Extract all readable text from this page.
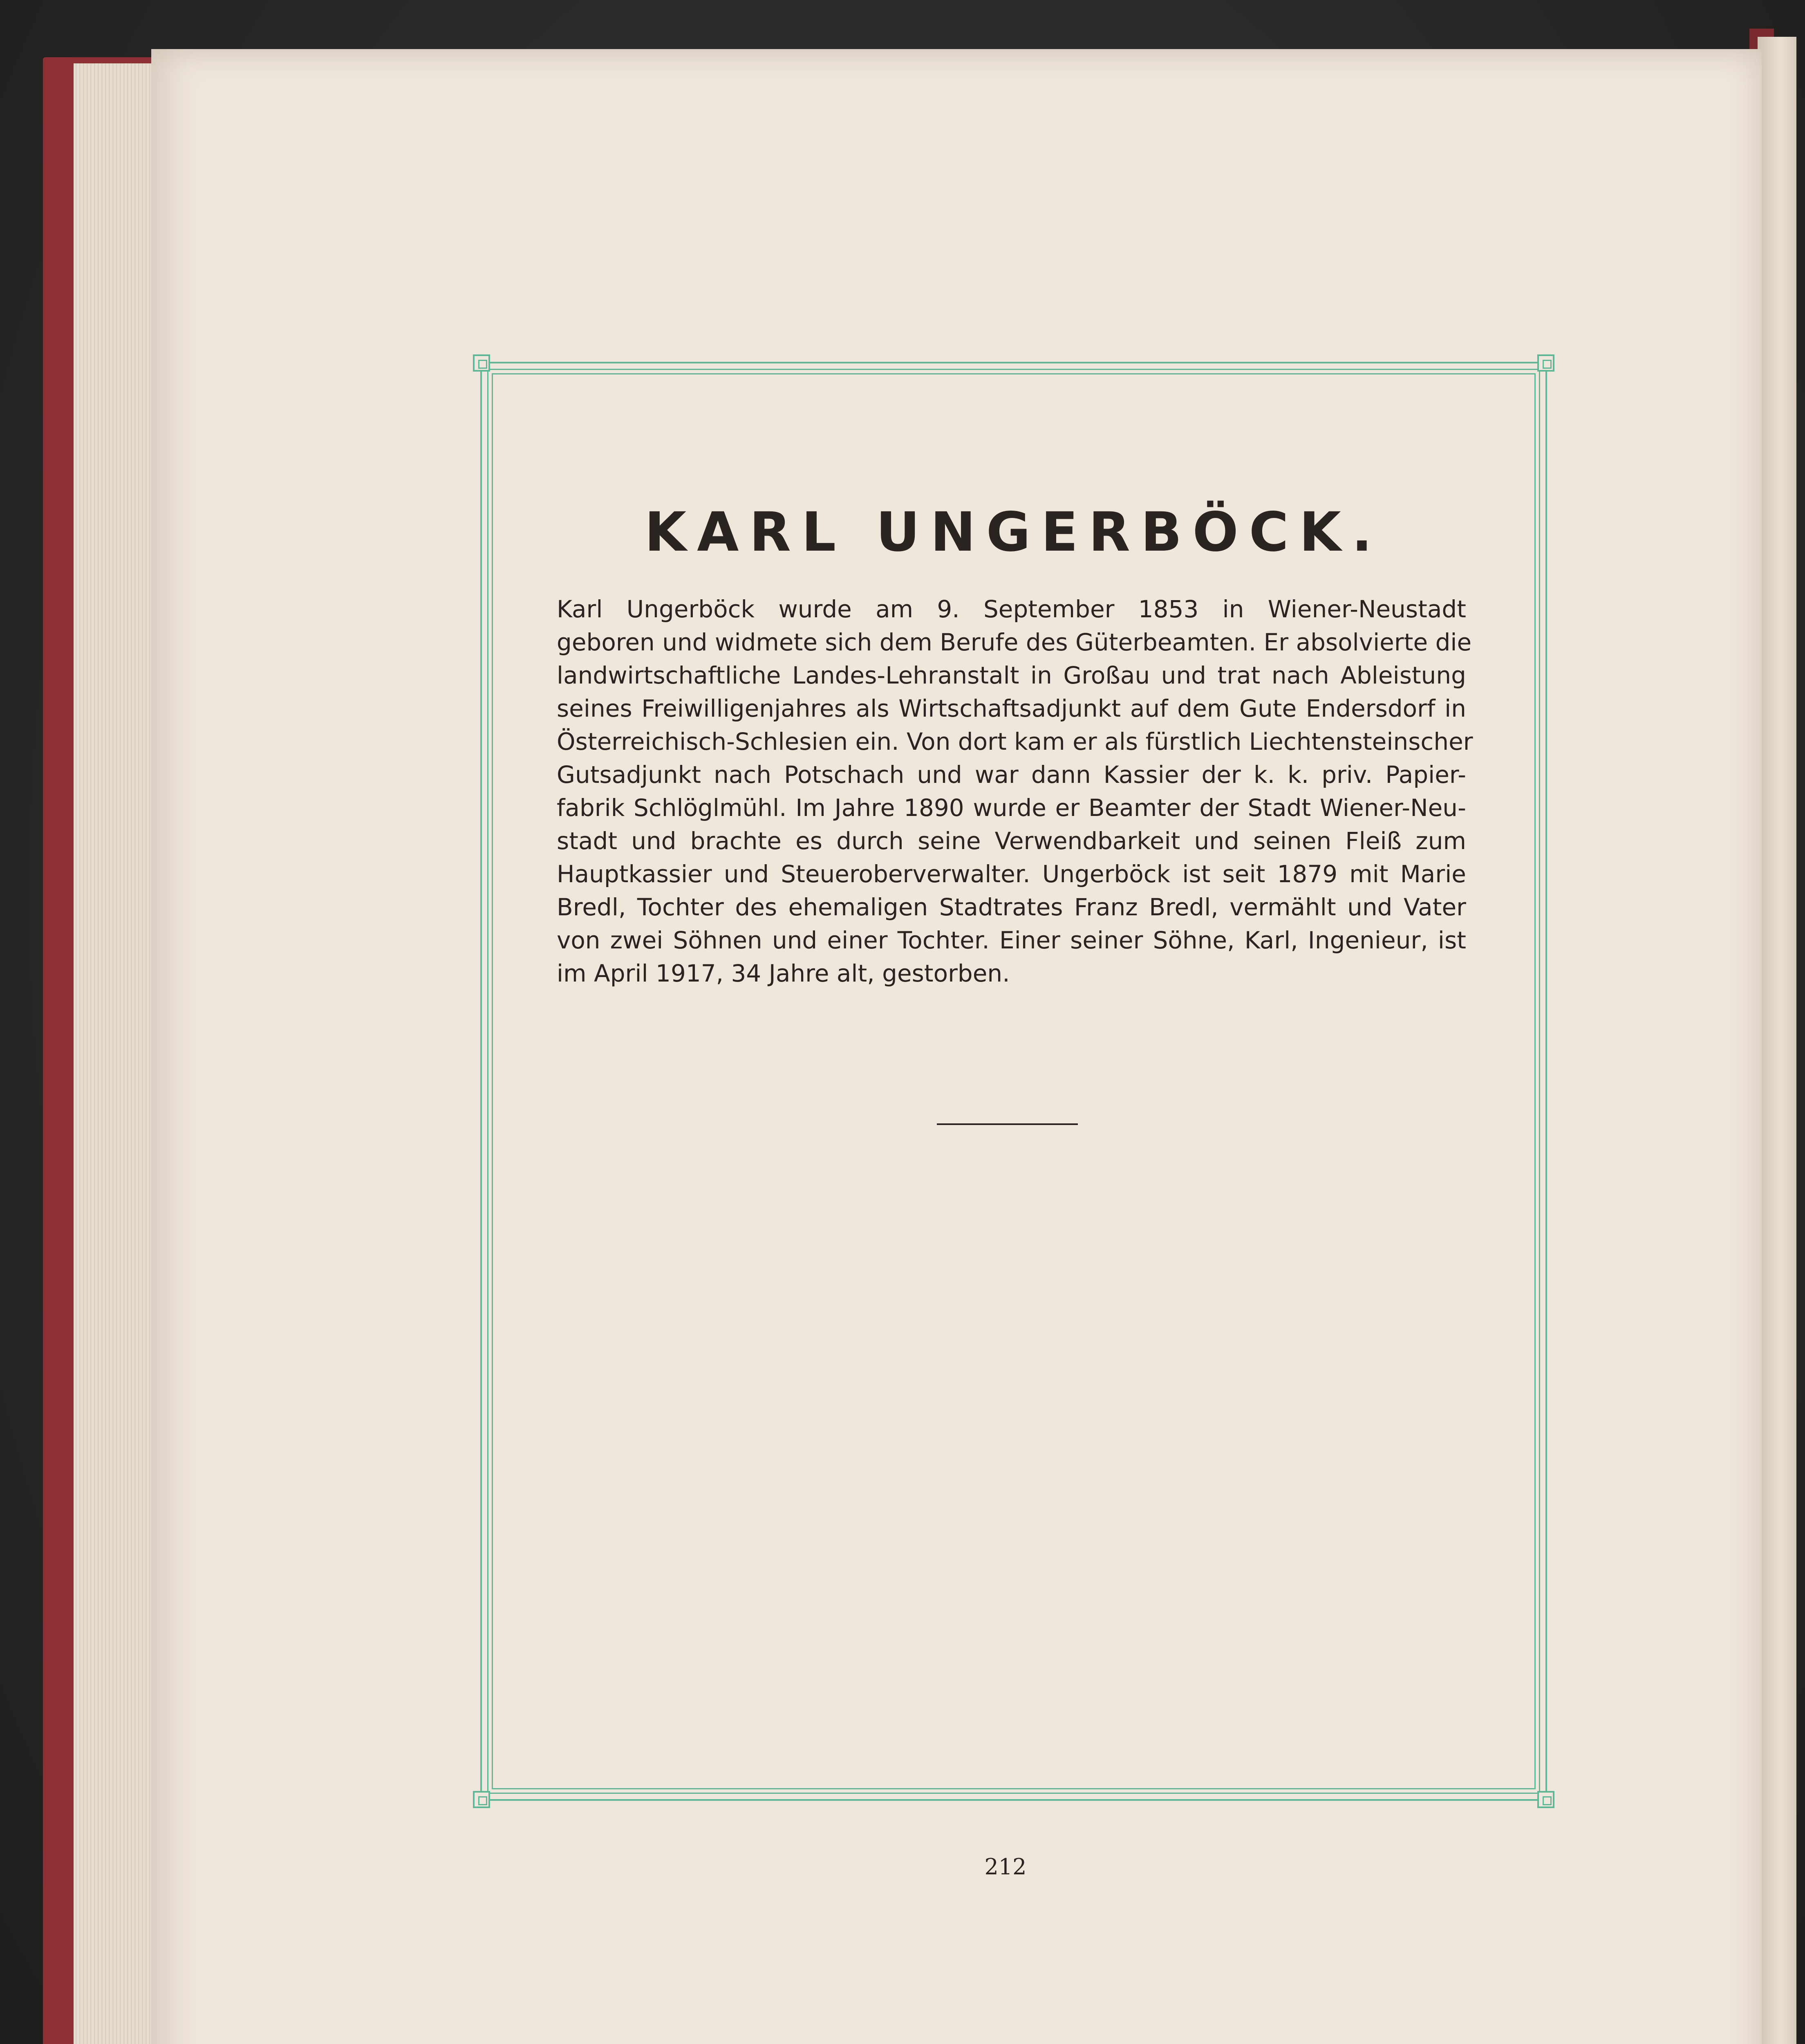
KARL UNGERBÖCK.
Karl Ungerböck wurde am 9. September 1853 in Wiener-Neustadt
geboren und widmete sich dem Berufe des Güterbeamten. Er absolvierte die
landwirtschaftliche Landes-Lehranstalt in Großau und trat nach Ableistung
seines Freiwilligenjahres als Wirtschaftsadjunkt auf dem Gute Endersdorf in
Österreichisch-Schlesien ein. Von dort kam er als fürstlich Liechtensteinscher
Gutsadjunkt nach Potschach und war dann Kassier der k. k. priv. Papier-
fabrik Schlöglmühl. Im Jahre 1890 wurde er Beamter der Stadt Wiener-Neu-
stadt und brachte es durch seine Verwendbarkeit und seinen Fleiß zum
Hauptkassier und Steueroberverwalter. Ungerböck ist seit 1879 mit Marie
Bredl, Tochter des ehemaligen Stadtrates Franz Bredl, vermählt und Vater
von zwei Söhnen und einer Tochter. Einer seiner Söhne, Karl, Ingenieur, ist
im April 1917, 34 Jahre alt, gestorben.
212
